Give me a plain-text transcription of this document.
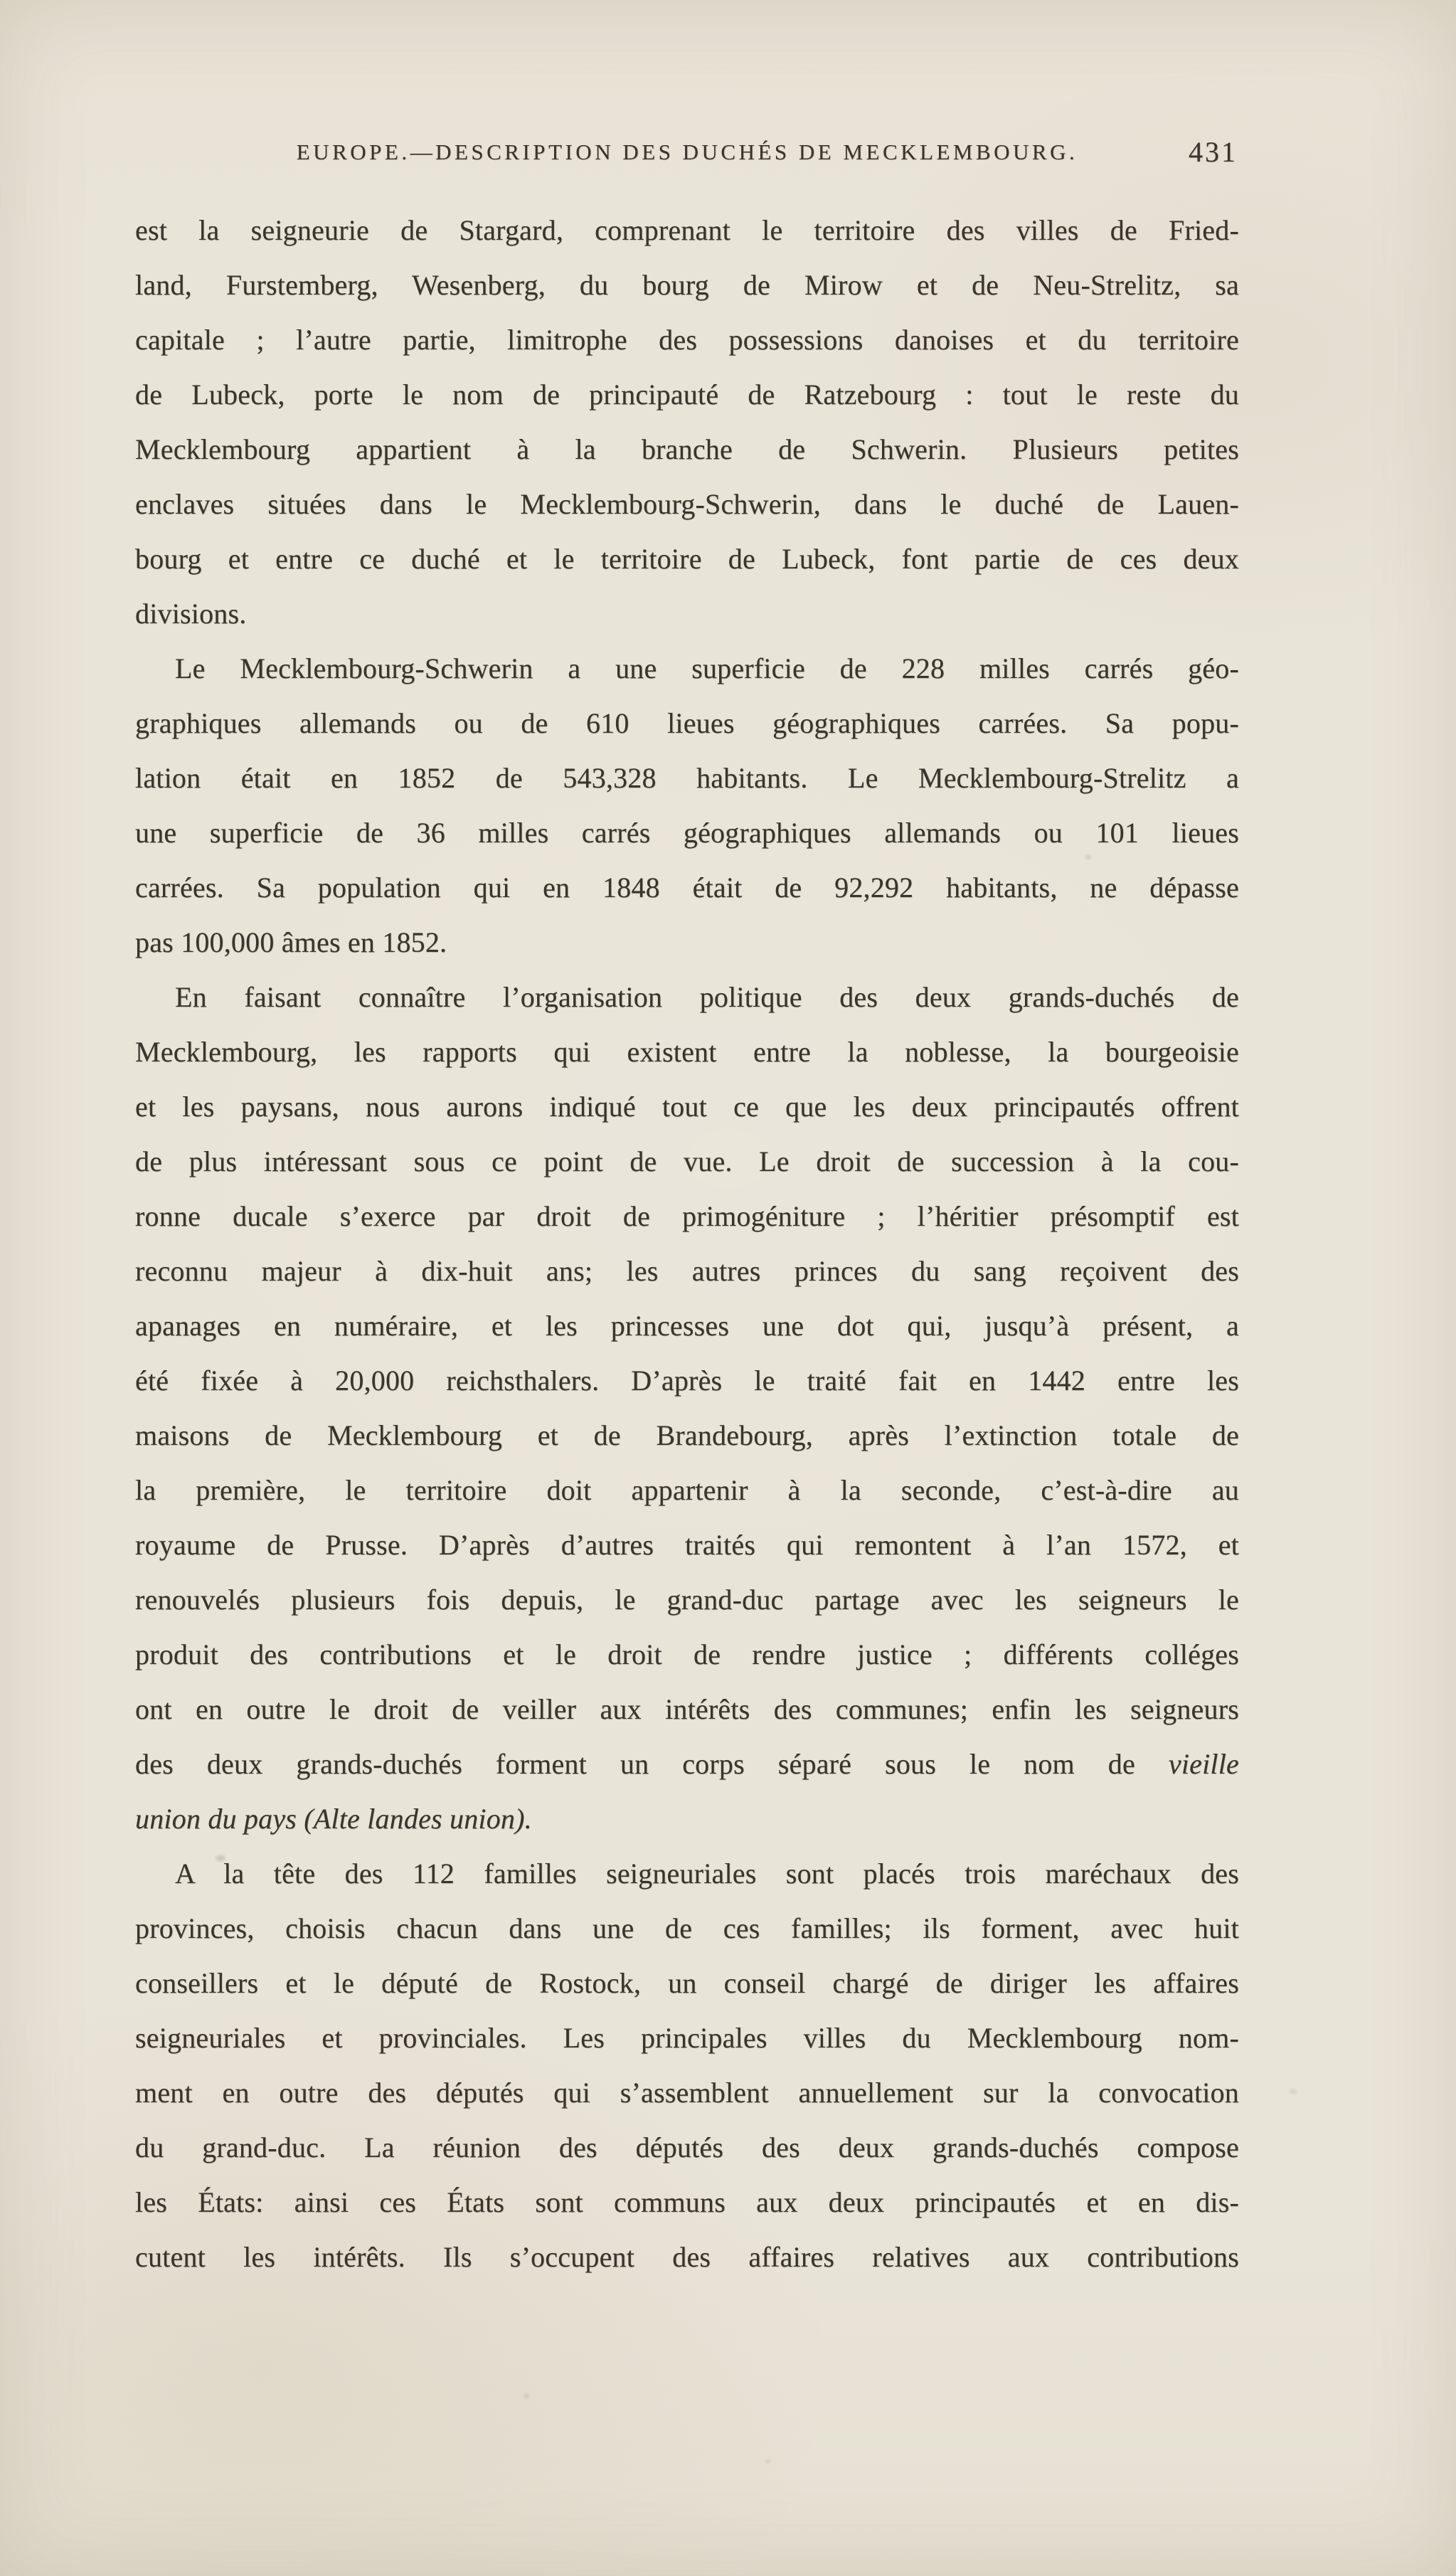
EUROPE.—DESCRIPTION DES DUCHÉS DE MECKLEMBOURG.	431
est la seigneurie de Stargard, comprenant le territoire des villes de Fried-
land, Furstemberg, Wesenberg, du bourg de Mirow et de Neu-Strelitz, sa
capitale ; l’autre partie, limitrophe des possessions danoises et du territoire
de Lubeck, porte le nom de principauté de Ratzebourg : tout le reste du
Mecklembourg appartient à la branche de Schwerin. Plusieurs petites
enclaves situées dans le Mecklembourg-Schwerin, dans le duché de Lauen-
bourg et entre ce duché et le territoire de Lubeck, font partie de ces deux
divisions.
Le Mecklembourg-Schwerin a une superficie de 228 milles carrés géo-
graphiques allemands ou de 610 lieues géographiques carrées. Sa popu-
lation était en 1852 de 543,328 habitants. Le Mecklembourg-Strelitz a
une superficie de 36 milles carrés géographiques allemands ou 101 lieues
carrées. Sa population qui en 1848 était de 92,292 habitants, ne dépasse
pas 100,000 âmes en 1852.
En faisant connaître l’organisation politique des deux grands-duchés de
Mecklembourg, les rapports qui existent entre la noblesse, la bourgeoisie
et les paysans, nous aurons indiqué tout ce que les deux principautés offrent
de plus intéressant sous ce point de vue. Le droit de succession à la cou-
ronne ducale s’exerce par droit de primogéniture ; l’héritier présomptif est
reconnu majeur à dix-huit ans; les autres princes du sang reçoivent des
apanages en numéraire, et les princesses une dot qui, jusqu’à présent, a
été fixée à 20,000 reichsthalers. D’après le traité fait en 1442 entre les
maisons de Mecklembourg et de Brandebourg, après l’extinction totale de
la première, le territoire doit appartenir à la seconde, c’est-à-dire au
royaume de Prusse. D’après d’autres traités qui remontent à l’an 1572, et
renouvelés plusieurs fois depuis, le grand-duc partage avec les seigneurs le
produit des contributions et le droit de rendre justice ; différents colléges
ont en outre le droit de veiller aux intérêts des communes; enfin les seigneurs
des deux grands-duchés forment un corps séparé sous le nom de vieille
union du pays (Alte landes union).
A la tête des 112 familles seigneuriales sont placés trois maréchaux des
provinces, choisis chacun dans une de ces familles; ils forment, avec huit
conseillers et le député de Rostock, un conseil chargé de diriger les affaires
seigneuriales et provinciales. Les principales villes du Mecklembourg nom-
ment en outre des députés qui s’assemblent annuellement sur la convocation
du grand-duc. La réunion des députés des deux grands-duchés compose
les États: ainsi ces États sont communs aux deux principautés et en dis-
cutent les intérêts. Ils s’occupent des affaires relatives aux contributions
